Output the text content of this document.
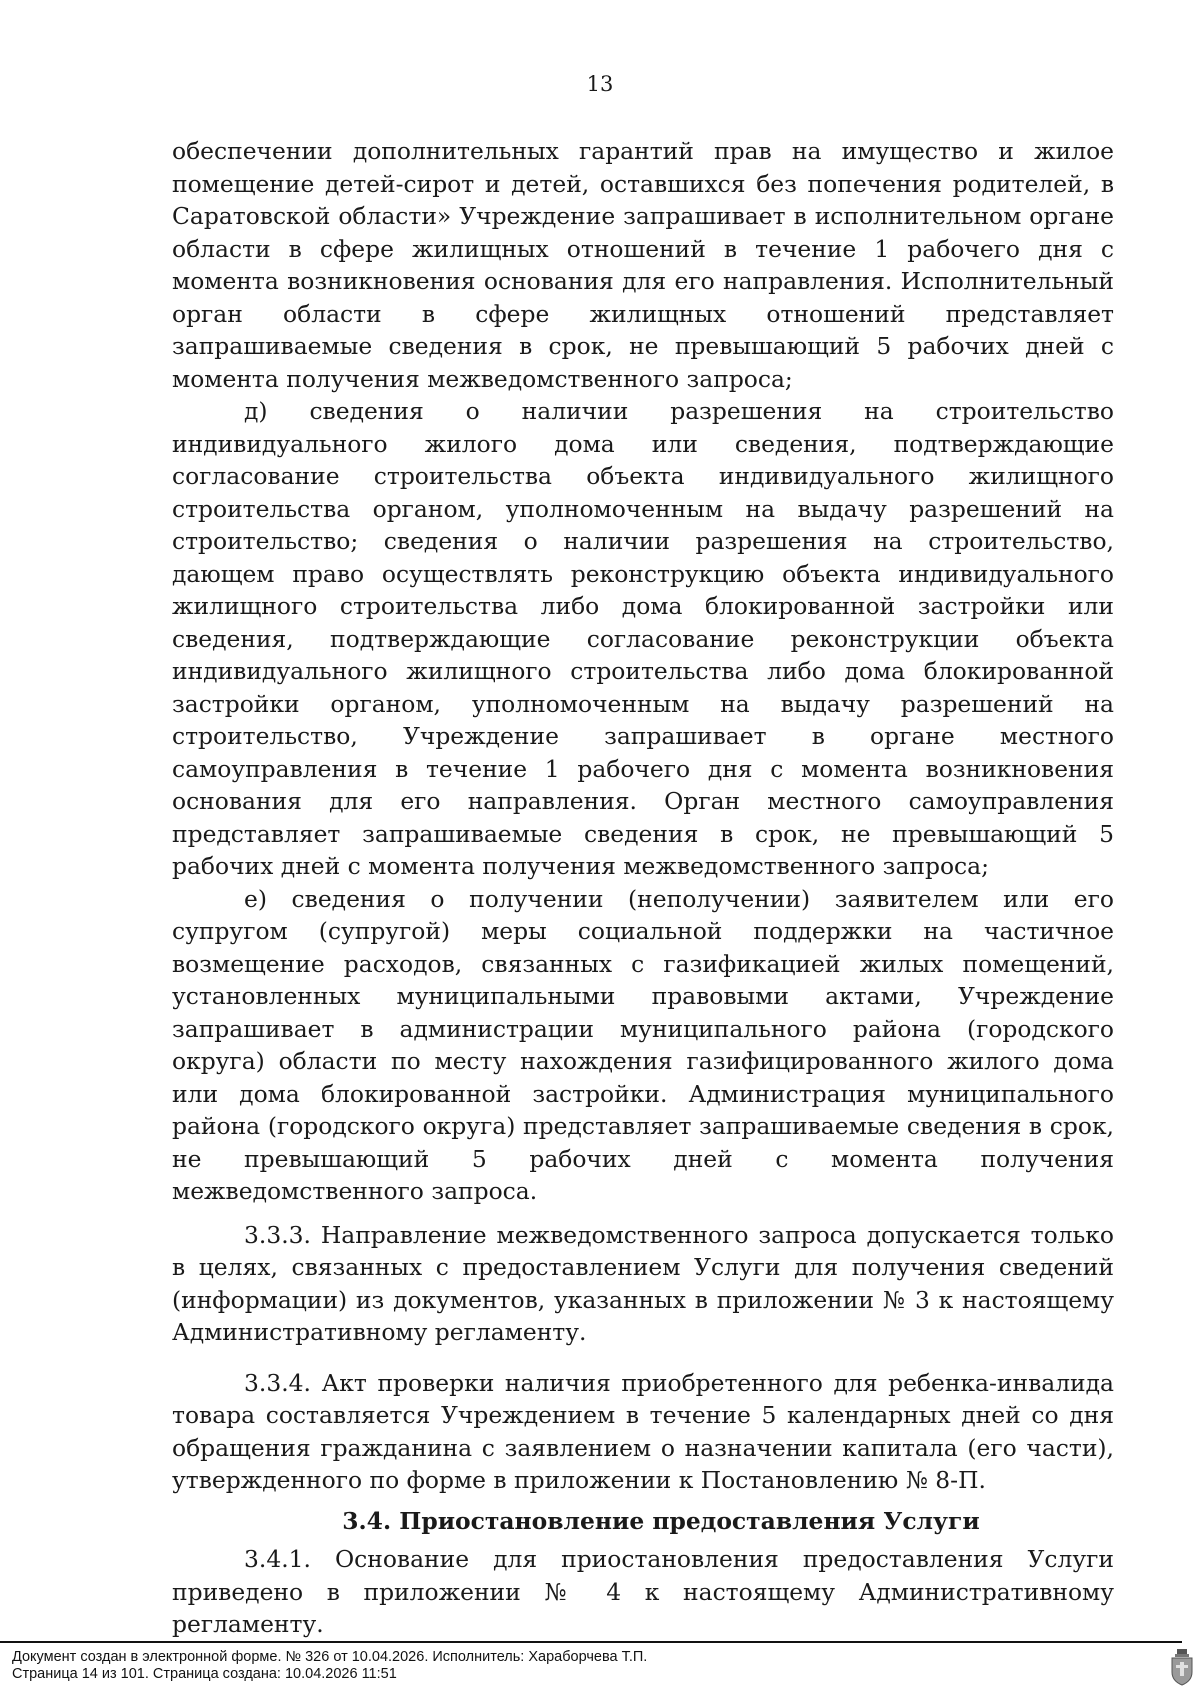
13

обеспечении дополнительных гарантий прав на имущество и жилое помещение детей-сирот и детей, оставшихся без попечения родителей, в Саратовской области» Учреждение запрашивает в исполнительном органе области в сфере жилищных отношений в течение 1 рабочего дня с момента возникновения основания для его направления. Исполнительный орган области в сфере жилищных отношений представляет запрашиваемые сведения в срок, не превышающий 5 рабочих дней с момента получения межведомственного запроса;

д) сведения о наличии разрешения на строительство индивидуального жилого дома или сведения, подтверждающие согласование строительства объекта индивидуального жилищного строительства органом, уполномоченным на выдачу разрешений на строительство; сведения о наличии разрешения на строительство, дающем право осуществлять реконструкцию объекта индивидуального жилищного строительства либо дома блокированной застройки или сведения, подтверждающие согласование реконструкции объекта индивидуального жилищного строительства либо дома блокированной застройки органом, уполномоченным на выдачу разрешений на строительство, Учреждение запрашивает в органе местного самоуправления в течение 1 рабочего дня с момента возникновения основания для его направления. Орган местного самоуправления представляет запрашиваемые сведения в срок, не превышающий 5 рабочих дней с момента получения межведомственного запроса;

е) сведения о получении (неполучении) заявителем или его супругом (супругой) меры социальной поддержки на частичное возмещение расходов, связанных с газификацией жилых помещений, установленных муниципальными правовыми актами, Учреждение запрашивает в администрации муниципального района (городского округа) области по месту нахождения газифицированного жилого дома или дома блокированной застройки. Администрация муниципального района (городского округа) представляет запрашиваемые сведения в срок, не превышающий 5 рабочих дней с момента получения межведомственного запроса.

3.3.3. Направление межведомственного запроса допускается только в целях, связанных с предоставлением Услуги для получения сведений (информации) из документов, указанных в приложении № 3 к настоящему Административному регламенту.

3.3.4. Акт проверки наличия приобретенного для ребенка-инвалида товара составляется Учреждением в течение 5 календарных дней со дня обращения гражданина с заявлением о назначении капитала (его части), утвержденного по форме в приложении к Постановлению № 8-П.

3.4. Приостановление предоставления Услуги

3.4.1. Основание для приостановления предоставления Услуги приведено в приложении № 4 к настоящему Административному регламенту.

Документ создан в электронной форме. № 326 от 10.04.2026. Исполнитель: Хараборчева Т.П.
Страница 14 из 101. Страница создана: 10.04.2026 11:51
